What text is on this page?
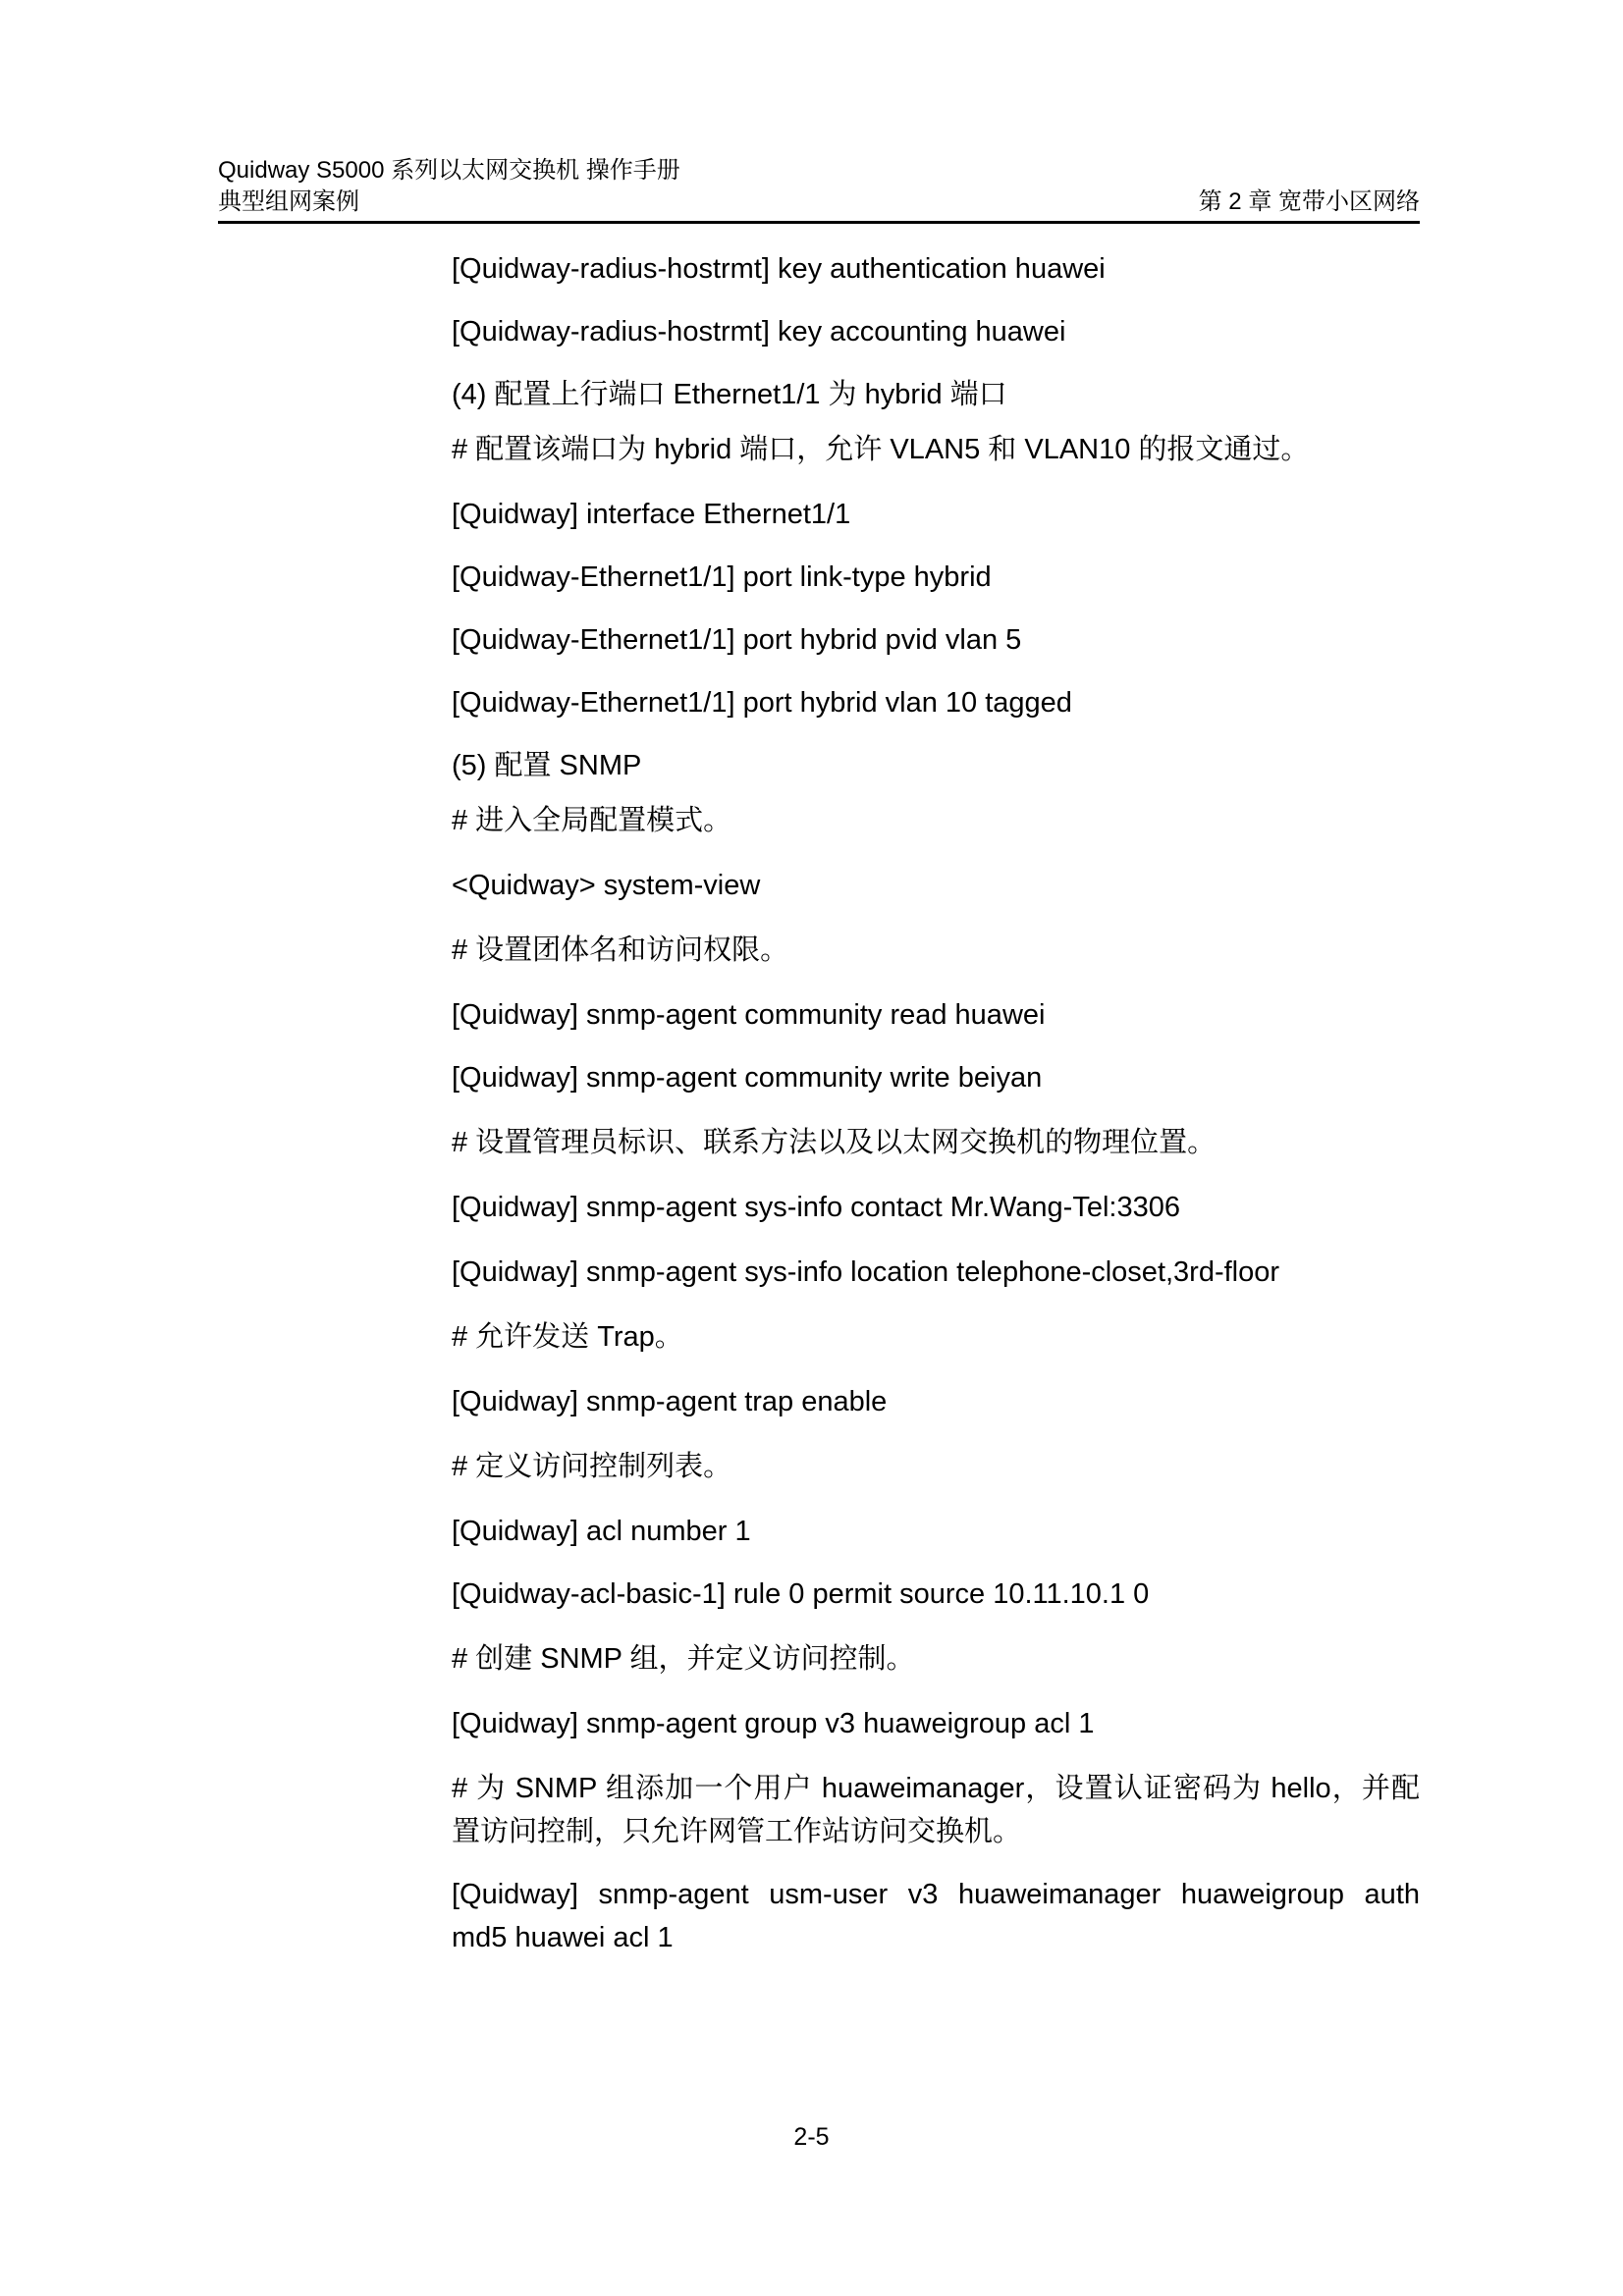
Quidway S5000 系列以太网交换机 操作手册
典型组网案例	第 2 章 宽带小区网络
[Quidway-radius-hostrmt] key authentication huawei
[Quidway-radius-hostrmt] key accounting huawei
(4) 配置上行端口 Ethernet1/1 为 hybrid 端口
# 配置该端口为 hybrid 端口，允许 VLAN5 和 VLAN10 的报文通过。
[Quidway] interface Ethernet1/1
[Quidway-Ethernet1/1] port link-type hybrid
[Quidway-Ethernet1/1] port hybrid pvid vlan 5
[Quidway-Ethernet1/1] port hybrid vlan 10 tagged
(5) 配置 SNMP
# 进入全局配置模式。
<Quidway> system-view
# 设置团体名和访问权限。
[Quidway] snmp-agent community read huawei
[Quidway] snmp-agent community write beiyan
# 设置管理员标识、联系方法以及以太网交换机的物理位置。
[Quidway] snmp-agent sys-info contact Mr.Wang-Tel:3306
[Quidway] snmp-agent sys-info location telephone-closet,3rd-floor
# 允许发送 Trap。
[Quidway] snmp-agent trap enable
# 定义访问控制列表。
[Quidway] acl number 1
[Quidway-acl-basic-1] rule 0 permit source 10.11.10.1 0
# 创建 SNMP 组，并定义访问控制。
[Quidway] snmp-agent group v3 huaweigroup acl 1
# 为 SNMP 组添加一个用户 huaweimanager，设置认证密码为 hello，并配
置访问控制，只允许网管工作站访问交换机。
[Quidway] snmp-agent usm-user v3 huaweimanager huaweigroup auth
md5 huawei acl 1
2-5
